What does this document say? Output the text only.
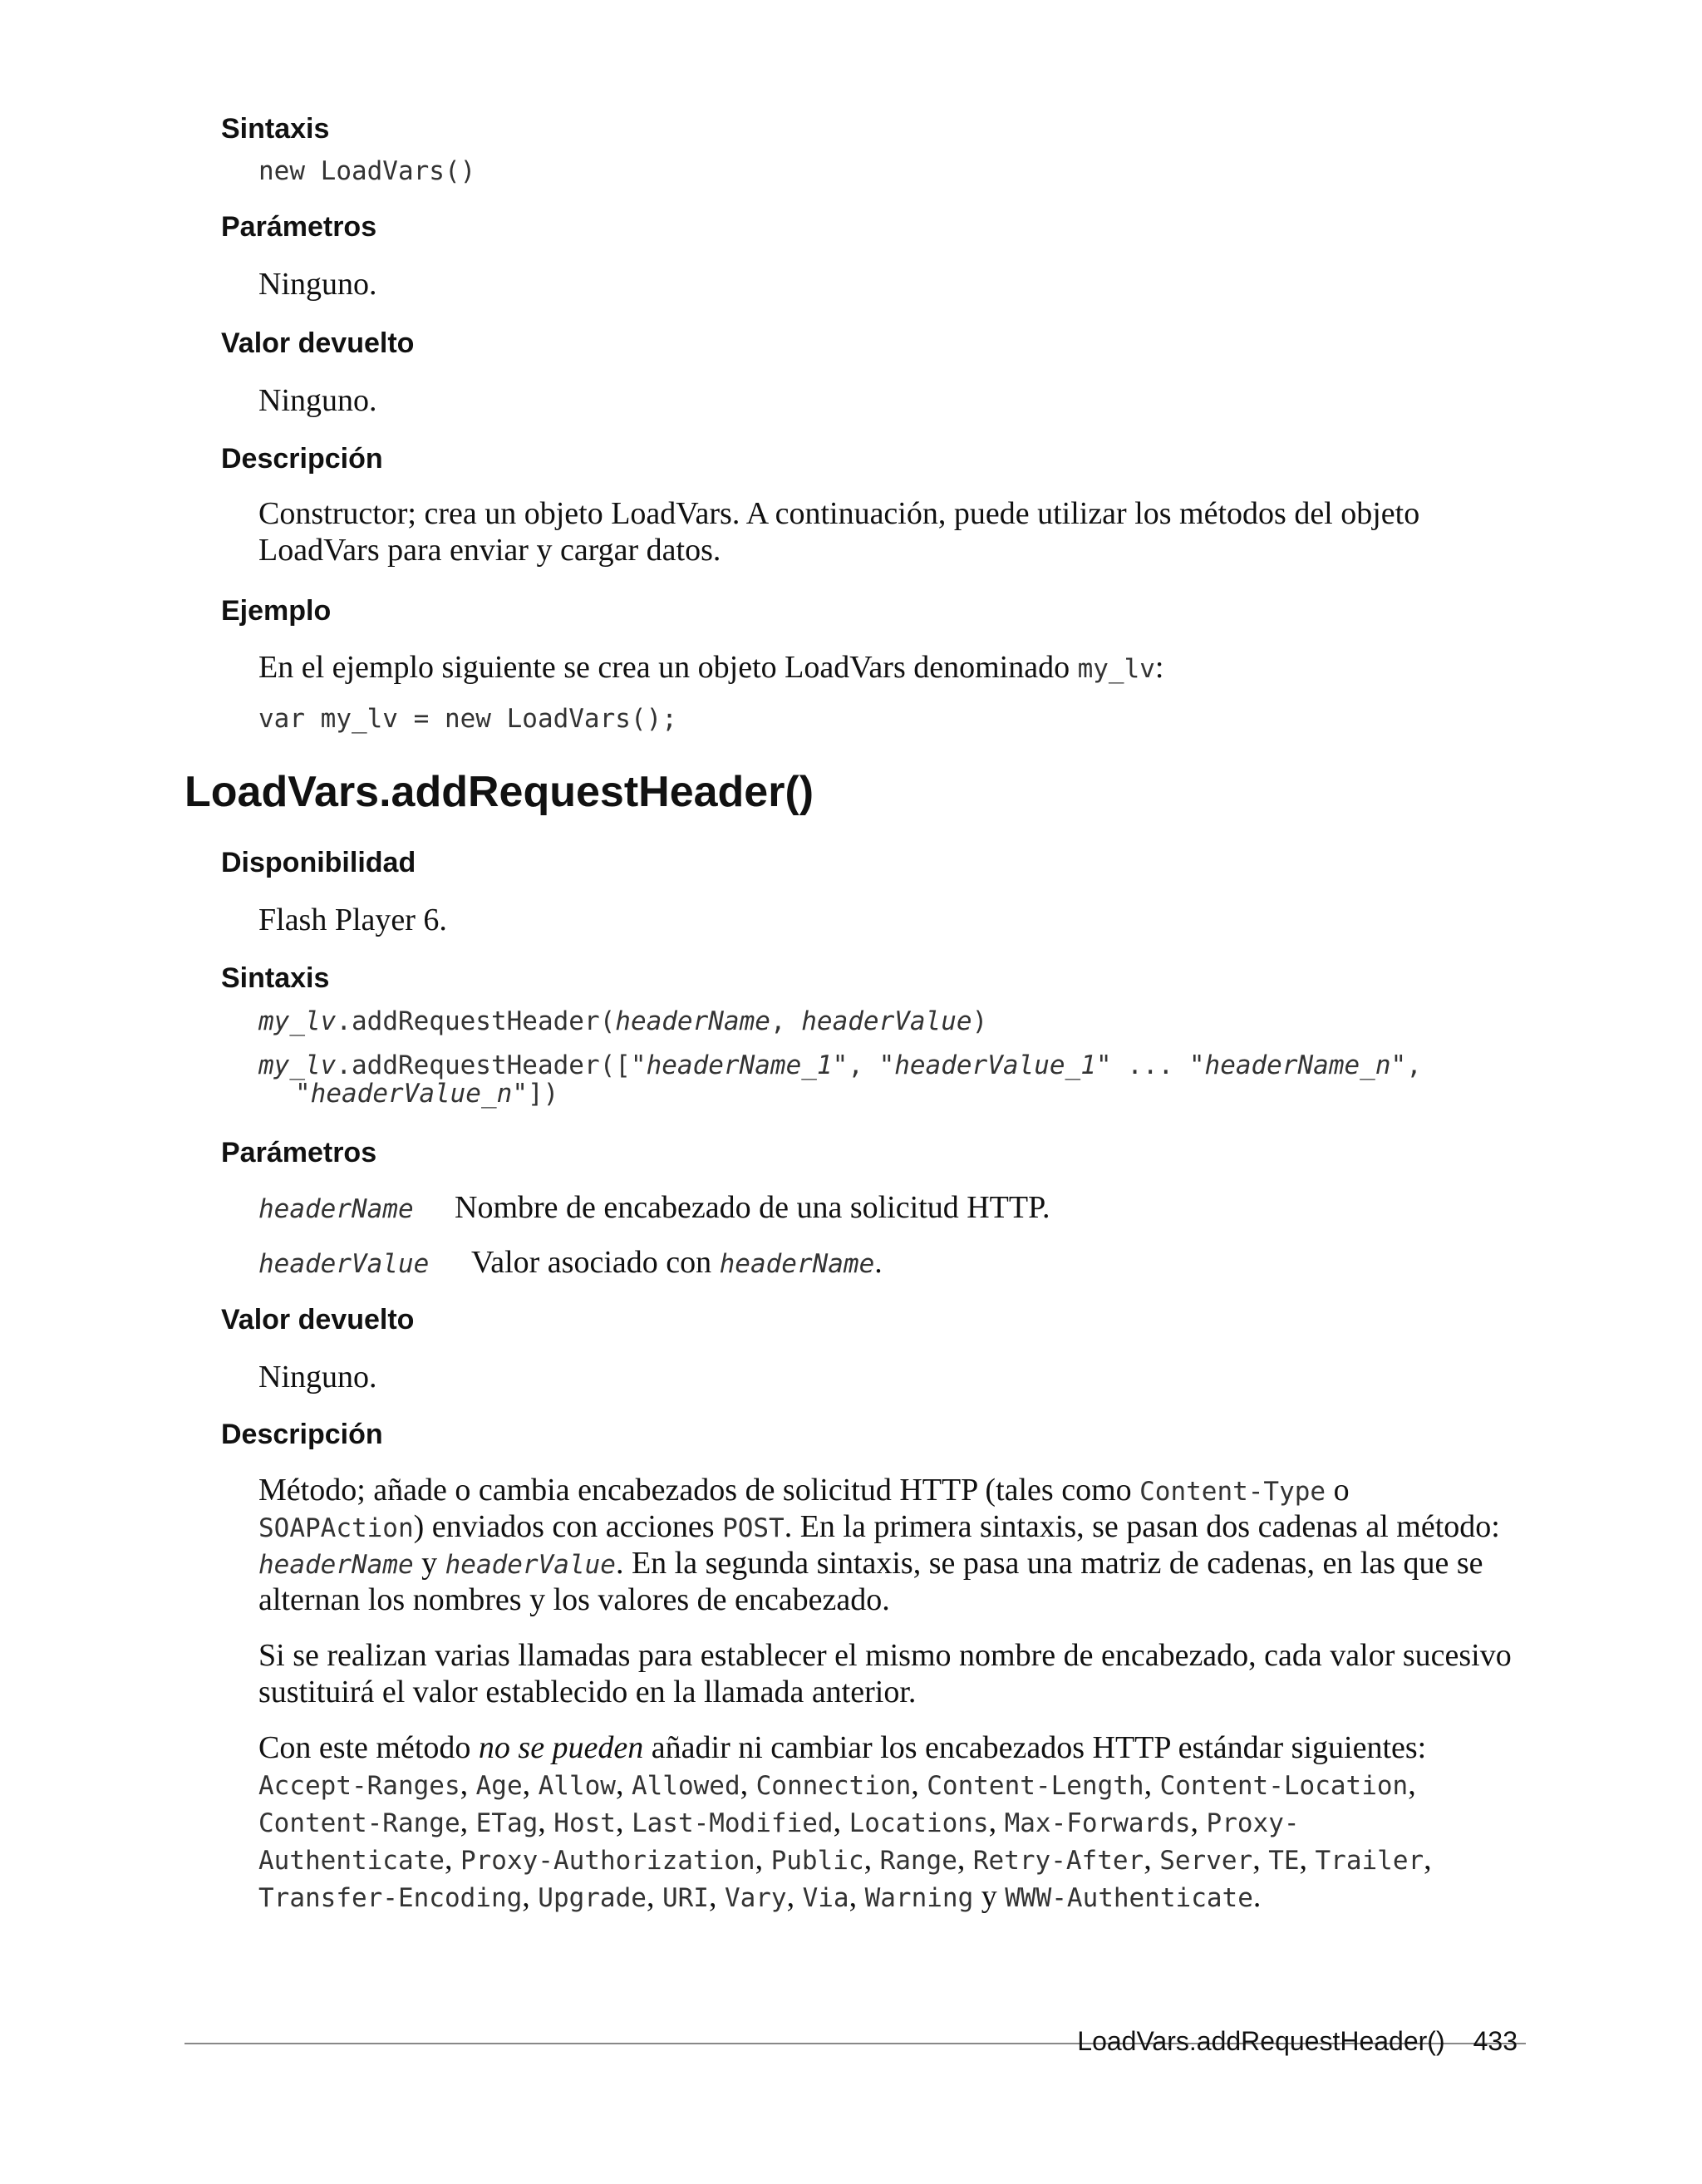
Sintaxis
new LoadVars()
Parámetros
Ninguno.
Valor devuelto
Ninguno.
Descripción
Constructor; crea un objeto LoadVars. A continuación, puede utilizar los métodos del objeto
LoadVars para enviar y cargar datos.
Ejemplo
En el ejemplo siguiente se crea un objeto LoadVars denominado my_lv:
var my_lv = new LoadVars();
LoadVars.addRequestHeader()
Disponibilidad
Flash Player 6.
Sintaxis
my_lv.addRequestHeader(headerName, headerValue)
my_lv.addRequestHeader(["headerName_1", "headerValue_1" ... "headerName_n",
"headerValue_n"])
Parámetros
headerName Nombre de encabezado de una solicitud HTTP.
headerValue Valor asociado con headerName.
Valor devuelto
Ninguno.
Descripción
Método; añade o cambia encabezados de solicitud HTTP (tales como Content-Type o
SOAPAction) enviados con acciones POST. En la primera sintaxis, se pasan dos cadenas al método:
headerName y headerValue. En la segunda sintaxis, se pasa una matriz de cadenas, en las que se
alternan los nombres y los valores de encabezado.
Si se realizan varias llamadas para establecer el mismo nombre de encabezado, cada valor sucesivo
sustituirá el valor establecido en la llamada anterior.
Con este método no se pueden añadir ni cambiar los encabezados HTTP estándar siguientes:
Accept-Ranges, Age, Allow, Allowed, Connection, Content-Length, Content-Location,
Content-Range, ETag, Host, Last-Modified, Locations, Max-Forwards, Proxy-
Authenticate, Proxy-Authorization, Public, Range, Retry-After, Server, TE, Trailer,
Transfer-Encoding, Upgrade, URI, Vary, Via, Warning y WWW-Authenticate.
LoadVars.addRequestHeader() 433
